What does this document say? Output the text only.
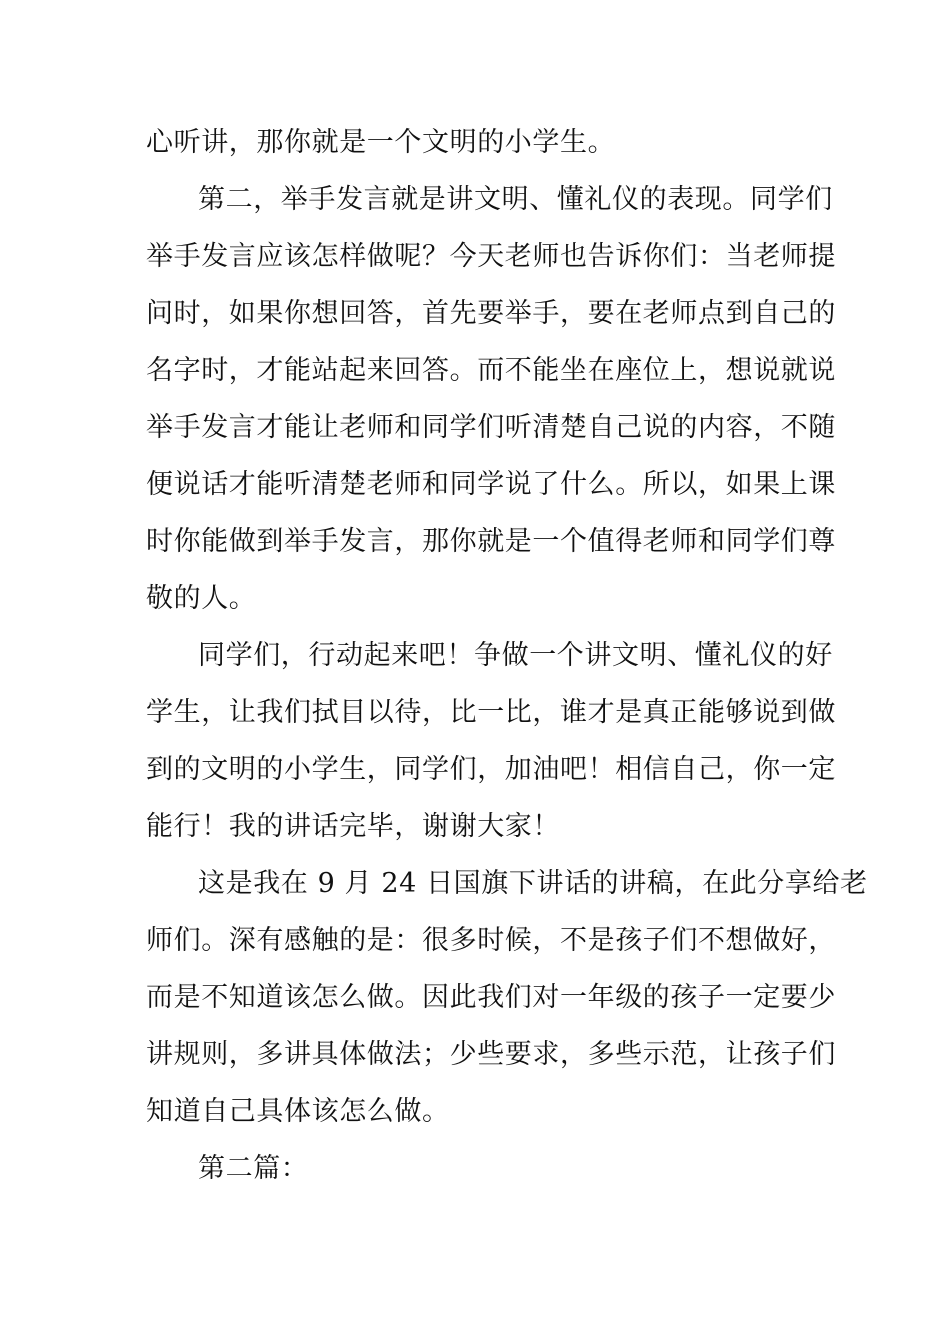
心听讲，那你就是一个文明的小学生。
第二，举手发言就是讲文明、懂礼仪的表现。同学们
举手发言应该怎样做呢？今天老师也告诉你们：当老师提
问时，如果你想回答，首先要举手，要在老师点到自己的
名字时，才能站起来回答。而不能坐在座位上，想说就说
举手发言才能让老师和同学们听清楚自己说的内容，不随
便说话才能听清楚老师和同学说了什么。所以，如果上课
时你能做到举手发言，那你就是一个值得老师和同学们尊
敬的人。
同学们，行动起来吧！争做一个讲文明、懂礼仪的好
学生，让我们拭目以待，比一比，谁才是真正能够说到做
到的文明的小学生，同学们，加油吧！相信自己，你一定
能行！我的讲话完毕，谢谢大家！
这是我在 9 月 24 日国旗下讲话的讲稿，在此分享给老
师们。深有感触的是：很多时候，不是孩子们不想做好，
而是不知道该怎么做。因此我们对一年级的孩子一定要少
讲规则，多讲具体做法；少些要求，多些示范，让孩子们
知道自己具体该怎么做。
第二篇：
